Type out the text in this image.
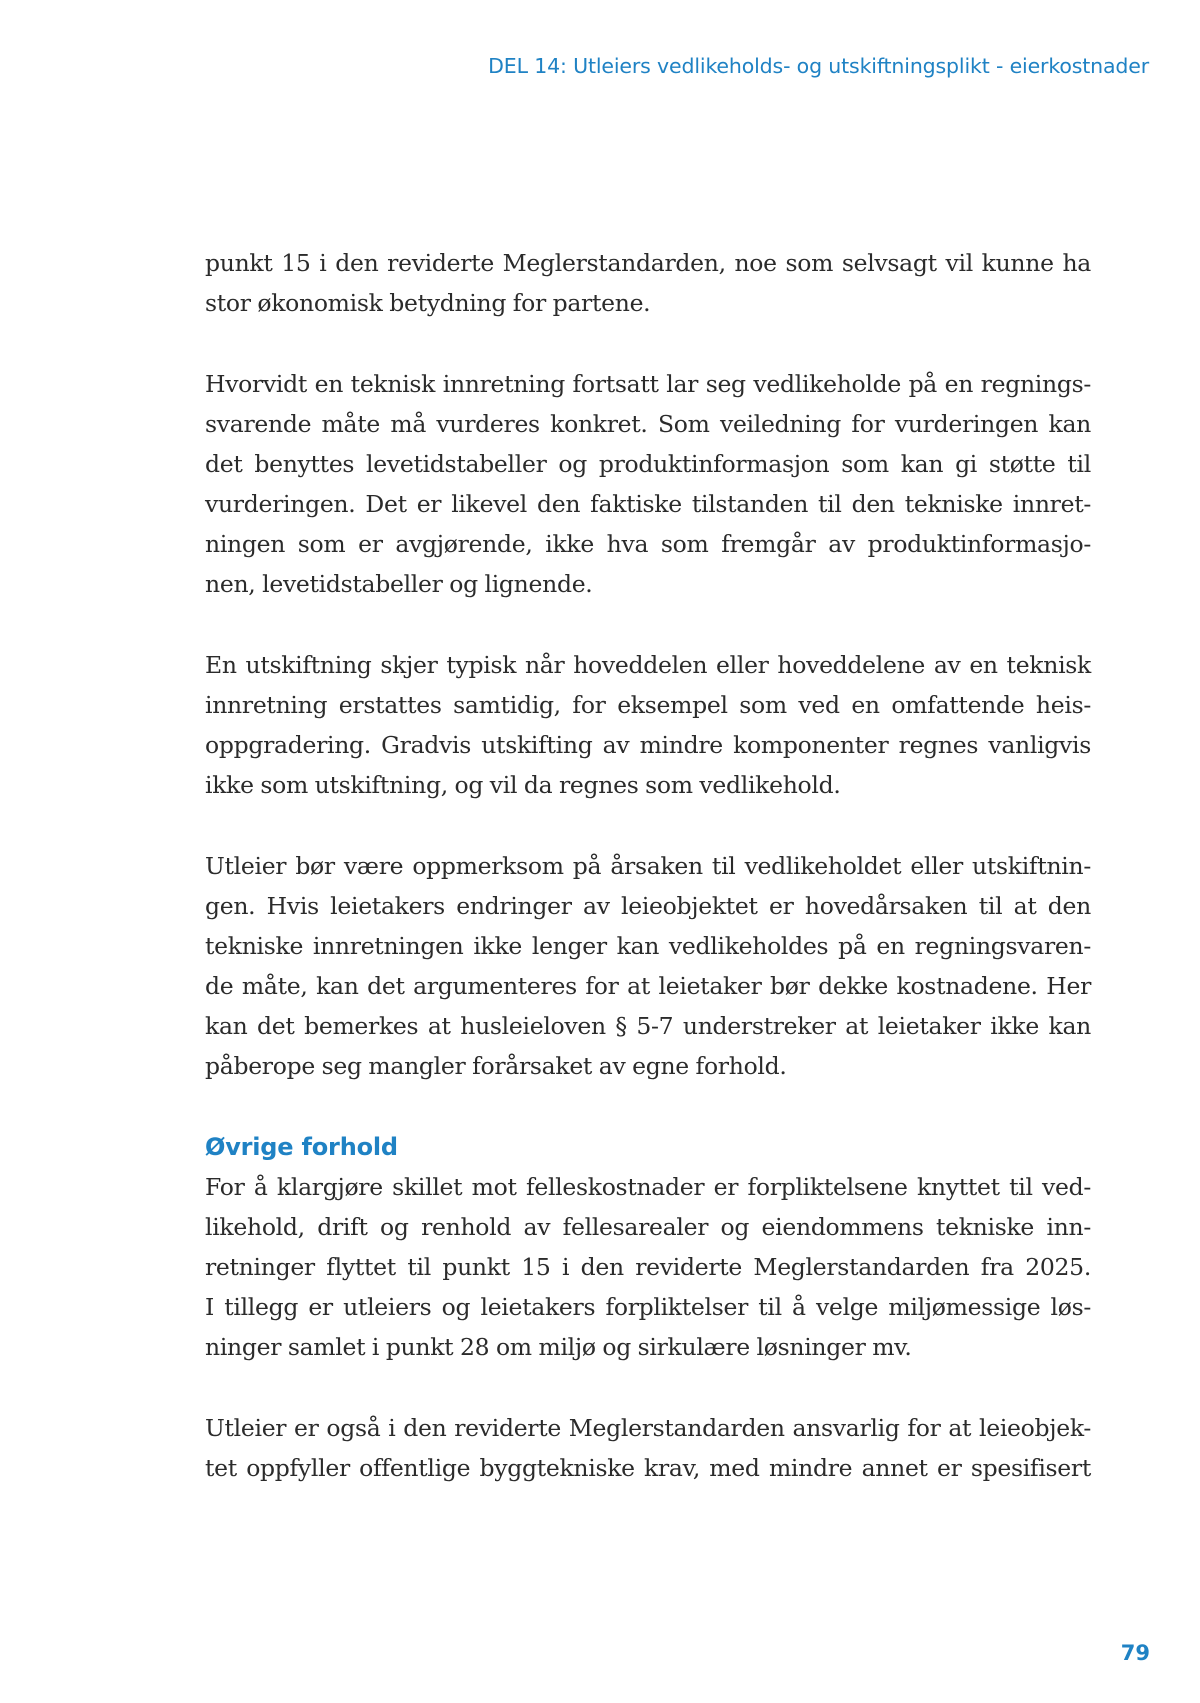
DEL 14: Utleiers vedlikeholds- og utskiftningsplikt - eierkostnader

punkt 15 i den reviderte Meglerstandarden, noe som selvsagt vil kunne ha
stor økonomisk betydning for partene.

Hvorvidt en teknisk innretning fortsatt lar seg vedlikeholde på en regnings-
svarende måte må vurderes konkret. Som veiledning for vurderingen kan
det benyttes levetidstabeller og produktinformasjon som kan gi støtte til
vurderingen. Det er likevel den faktiske tilstanden til den tekniske innret-
ningen som er avgjørende, ikke hva som fremgår av produktinformasjo-
nen, levetidstabeller og lignende.

En utskiftning skjer typisk når hoveddelen eller hoveddelene av en teknisk
innretning erstattes samtidig, for eksempel som ved en omfattende heis-
oppgradering. Gradvis utskifting av mindre komponenter regnes vanligvis
ikke som utskiftning, og vil da regnes som vedlikehold.

Utleier bør være oppmerksom på årsaken til vedlikeholdet eller utskiftnin-
gen. Hvis leietakers endringer av leieobjektet er hovedårsaken til at den
tekniske innretningen ikke lenger kan vedlikeholdes på en regningsvaren-
de måte, kan det argumenteres for at leietaker bør dekke kostnadene. Her
kan det bemerkes at husleieloven § 5-7 understreker at leietaker ikke kan
påberope seg mangler forårsaket av egne forhold.

Øvrige forhold

For å klargjøre skillet mot felleskostnader er forpliktelsene knyttet til ved-
likehold, drift og renhold av fellesarealer og eiendommens tekniske inn-
retninger flyttet til punkt 15 i den reviderte Meglerstandarden fra 2025.
I tillegg er utleiers og leietakers forpliktelser til å velge miljømessige løs-
ninger samlet i punkt 28 om miljø og sirkulære løsninger mv.

Utleier er også i den reviderte Meglerstandarden ansvarlig for at leieobjek-
tet oppfyller offentlige byggtekniske krav, med mindre annet er spesifisert

79
